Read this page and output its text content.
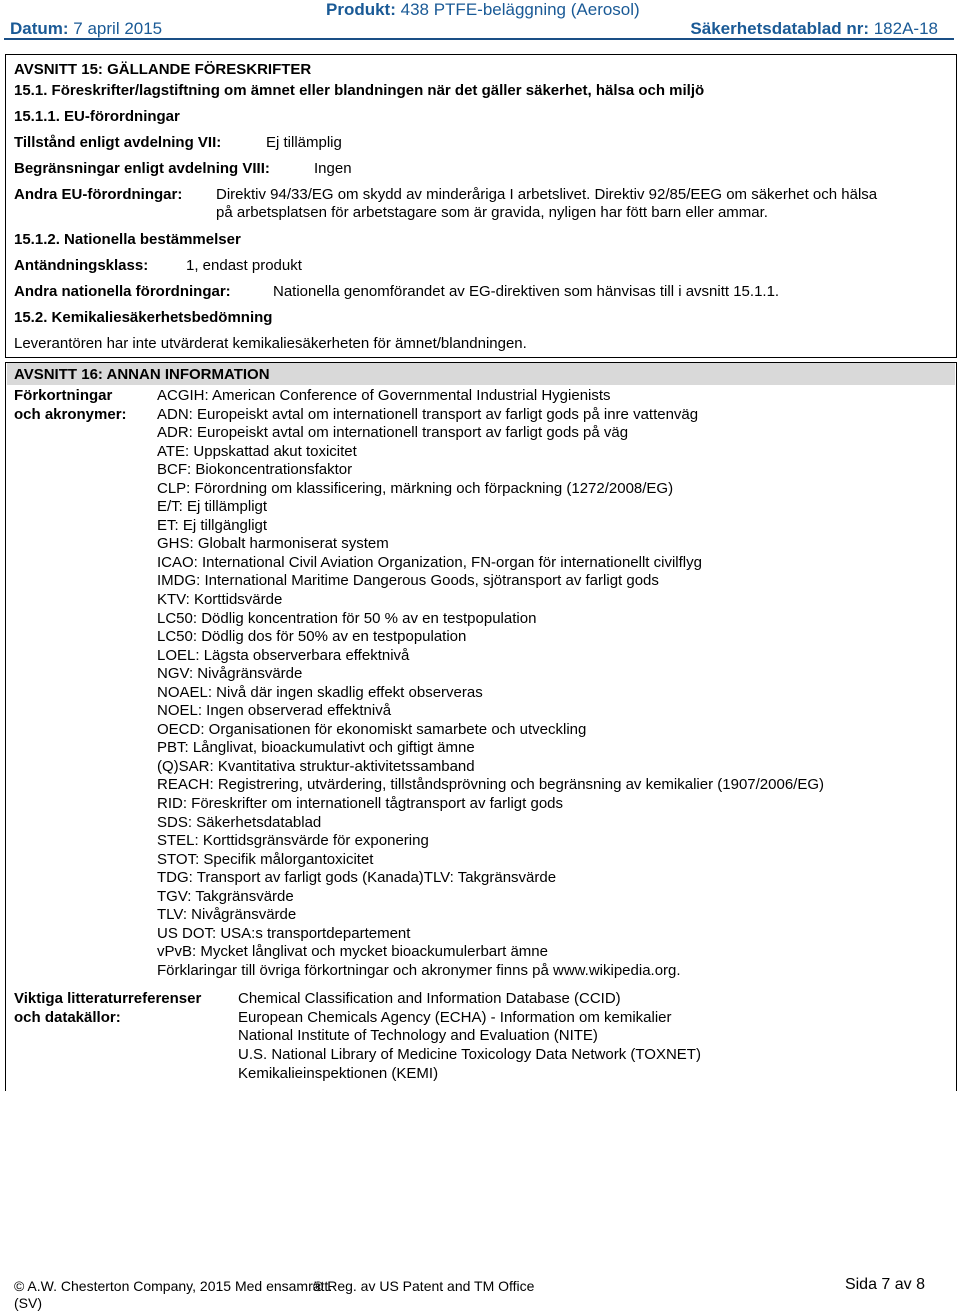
Produkt: 438 PTFE-beläggning (Aerosol)
Datum: 7 april 2015	Säkerhetsdatablad nr: 182A-18
AVSNITT 15: GÄLLANDE FÖRESKRIFTER
15.1. Föreskrifter/lagstiftning om ämnet eller blandningen när det gäller säkerhet, hälsa och miljö
15.1.1. EU-förordningar
Tillstånd enligt avdelning VII:	Ej tillämplig
Begränsningar enligt avdelning VIII:	Ingen
Andra EU-förordningar: Direktiv 94/33/EG om skydd av minderåriga I arbetslivet. Direktiv 92/85/EEG om säkerhet och hälsa
på arbetsplatsen för arbetstagare som är gravida, nyligen har fött barn eller ammar.
15.1.2. Nationella bestämmelser
Antändningsklass:	1, endast produkt
Andra nationella förordningar:	Nationella genomförandet av EG-direktiven som hänvisas till i avsnitt 15.1.1.
15.2. Kemikaliesäkerhetsbedömning
Leverantören har inte utvärderat kemikaliesäkerheten för ämnet/blandningen.
AVSNITT 16: ANNAN INFORMATION
Förkortningar
och akronymer:
ACGIH: American Conference of Governmental Industrial Hygienists
ADN: Europeiskt avtal om internationell transport av farligt gods på inre vattenväg
ADR: Europeiskt avtal om internationell transport av farligt gods på väg
ATE: Uppskattad akut toxicitet
BCF: Biokoncentrationsfaktor
CLP: Förordning om klassificering, märkning och förpackning (1272/2008/EG)
E/T: Ej tillämpligt
ET: Ej tillgängligt
GHS: Globalt harmoniserat system
ICAO: International Civil Aviation Organization, FN-organ för internationellt civilflyg
IMDG: International Maritime Dangerous Goods, sjötransport av farligt gods
KTV: Korttidsvärde
LC50: Dödlig koncentration för 50 % av en testpopulation
LC50: Dödlig dos för 50% av en testpopulation
LOEL: Lägsta observerbara effektnivå
NGV: Nivågränsvärde
NOAEL: Nivå där ingen skadlig effekt observeras
NOEL: Ingen observerad effektnivå
OECD: Organisationen för ekonomiskt samarbete och utveckling
PBT: Långlivat, bioackumulativt och giftigt ämne
(Q)SAR: Kvantitativa struktur-aktivitetssamband
REACH: Registrering, utvärdering, tillståndsprövning och begränsning av kemikalier (1907/2006/EG)
RID: Föreskrifter om internationell tågtransport av farligt gods
SDS: Säkerhetsdatablad
STEL: Korttidsgränsvärde för exponering
STOT: Specifik målorgantoxicitet
TDG: Transport av farligt gods (Kanada)TLV: Takgränsvärde
TGV: Takgränsvärde
TLV: Nivågränsvärde
US DOT: USA:s transportdepartement
vPvB: Mycket långlivat och mycket bioackumulerbart ämne
Förklaringar till övriga förkortningar och akronymer finns på www.wikipedia.org.
Viktiga litteraturreferenser
och datakällor:
Chemical Classification and Information Database (CCID)
European Chemicals Agency (ECHA) - Information om kemikalier
National Institute of Technology and Evaluation (NITE)
U.S. National Library of Medicine Toxicology Data Network (TOXNET)
Kemikalieinspektionen (KEMI)
© A.W. Chesterton Company, 2015 Med ensamrätt.
® Reg. av US Patent and TM Office	Sida 7 av 8
(SV)
